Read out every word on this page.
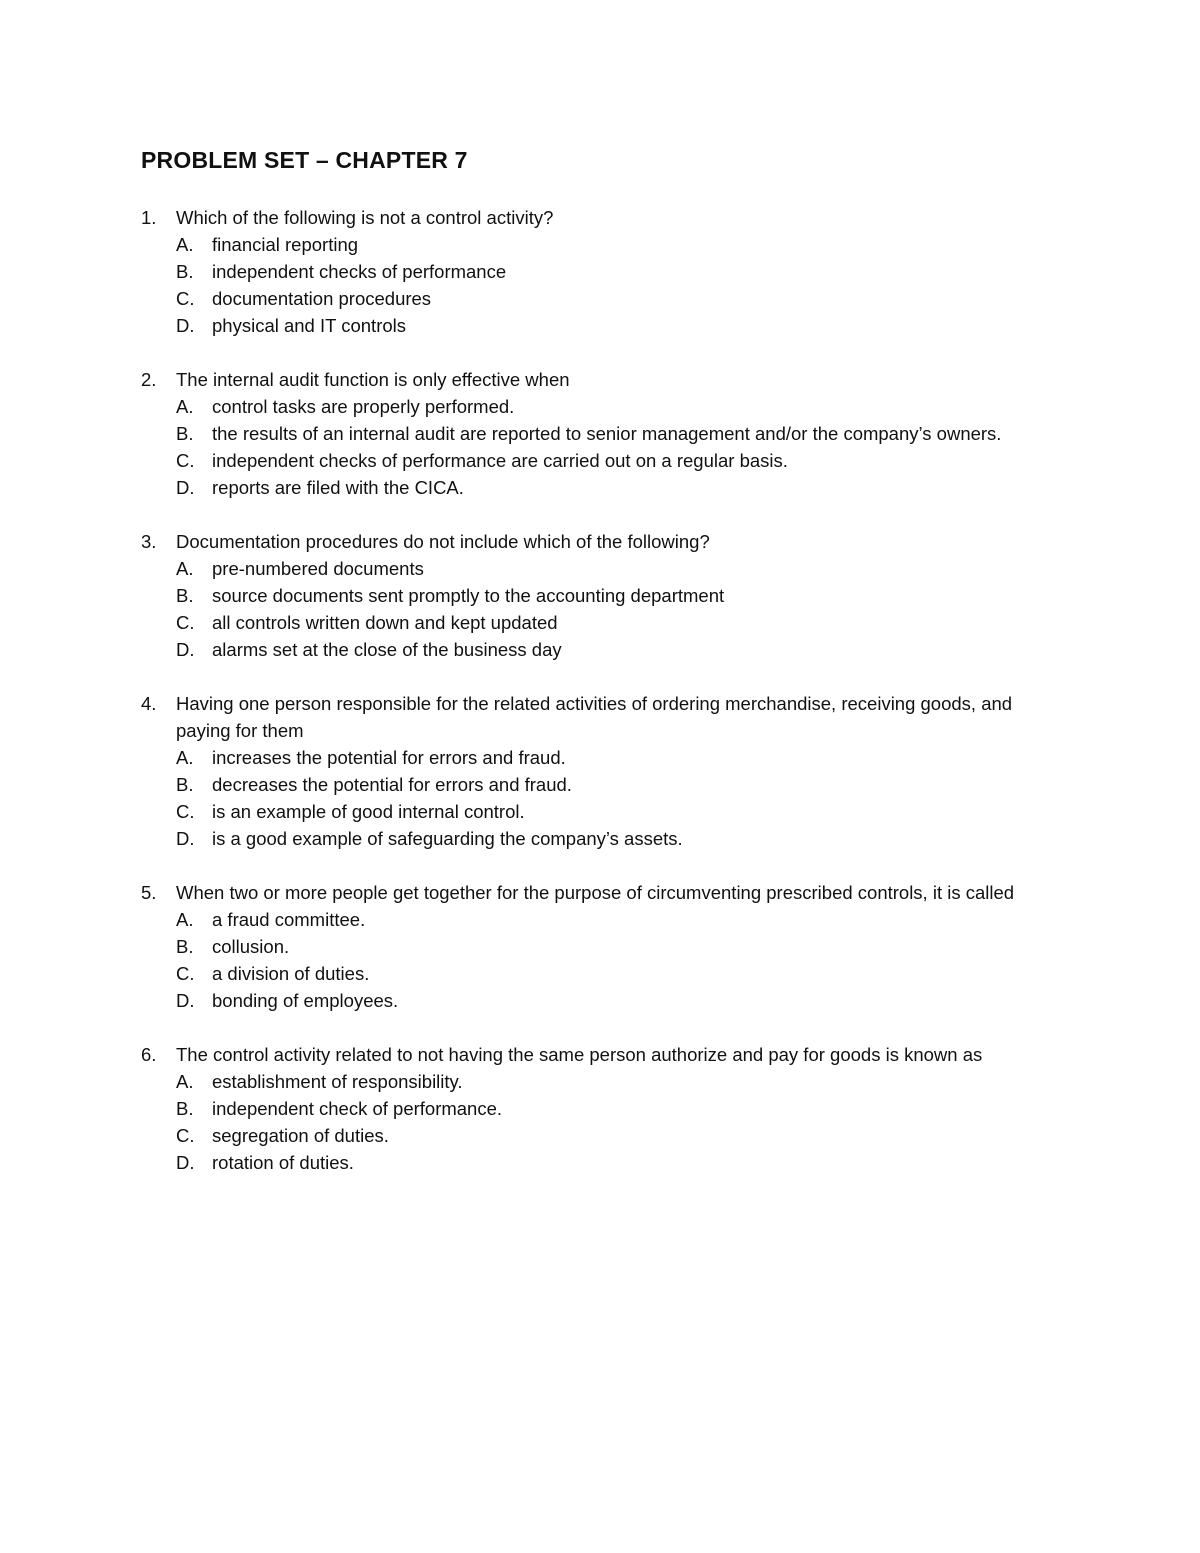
PROBLEM SET – CHAPTER 7
1.	Which of the following is not a control activity?
A.	financial reporting
B.	independent checks of performance
C. documentation procedures
D. physical and IT controls
2.	The internal audit function is only effective when
A.	control tasks are properly performed.
B.	the results of an internal audit are reported to senior management and/or the company’s owners.
C. independent checks of performance are carried out on a regular basis.
D. reports are filed with the CICA.
3.	Documentation procedures do not include which of the following?
A.	pre-numbered documents
B.	source documents sent promptly to the accounting department
C. all controls written down and kept updated
D. alarms set at the close of the business day
4.	Having one person responsible for the related activities of ordering merchandise, receiving goods, and paying for them
A.	increases the potential for errors and fraud.
B.	decreases the potential for errors and fraud.
C. is an example of good internal control.
D. is a good example of safeguarding the company’s assets.
5.	When two or more people get together for the purpose of circumventing prescribed controls, it is called
A.	a fraud committee.
B.	collusion.
C. a division of duties.
D. bonding of employees.
6.	The control activity related to not having the same person authorize and pay for goods is known as
A.	establishment of responsibility.
B.	independent check of performance.
C. segregation of duties.
D. rotation of duties.
